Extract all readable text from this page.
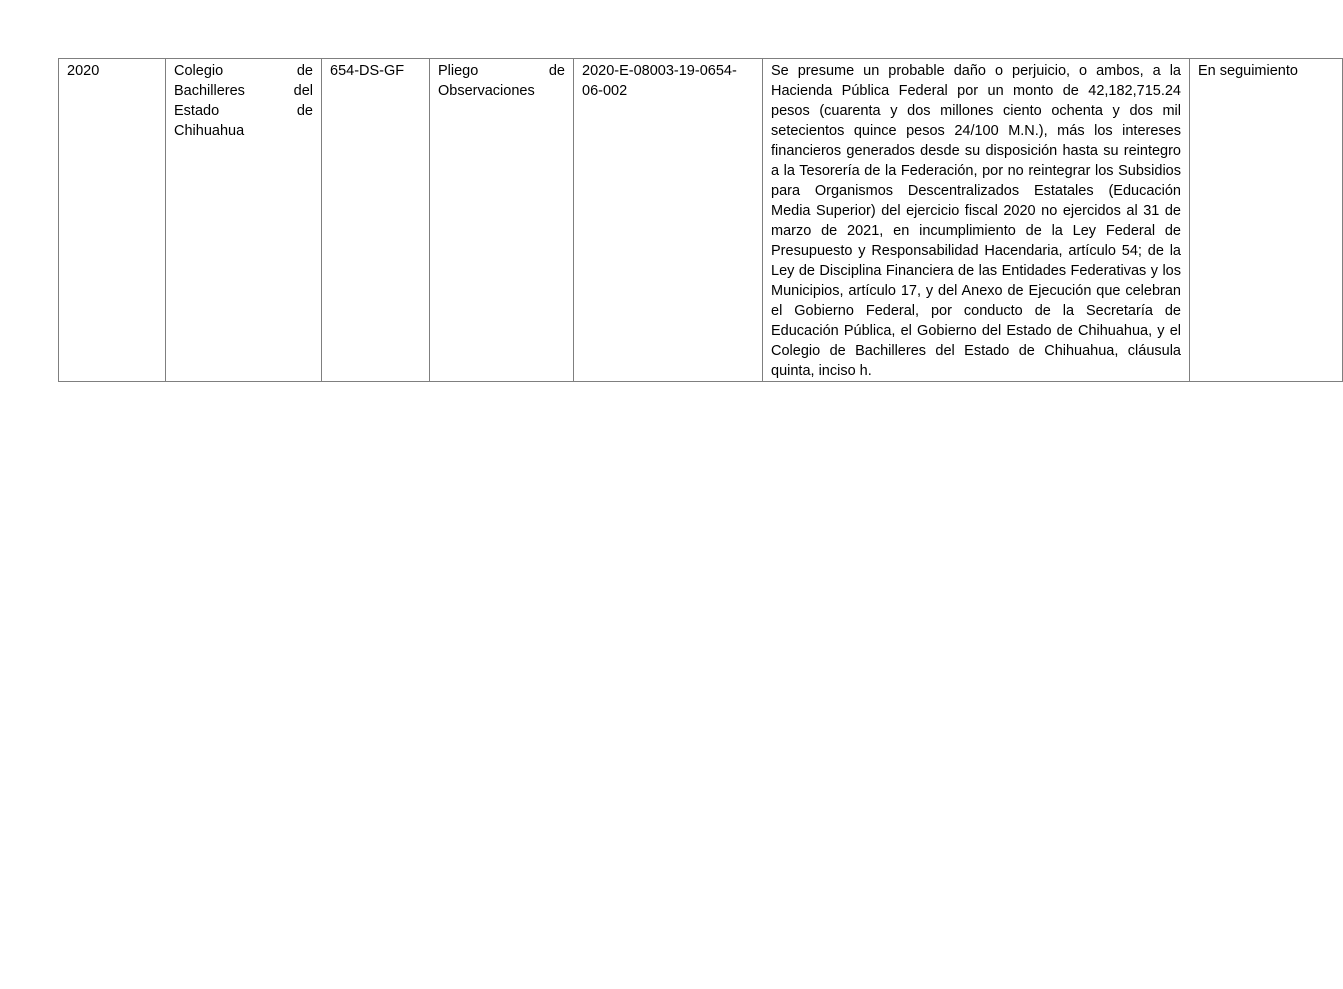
2020	Colegio de Bachilleres del Estado de Chihuahua	654-DS-GF	Pliego de Observaciones	2020-E-08003-19-0654-06-002	Se presume un probable daño o perjuicio, o ambos, a la Hacienda Pública Federal por un monto de 42,182,715.24 pesos (cuarenta y dos millones ciento ochenta y dos mil setecientos quince pesos 24/100 M.N.), más los intereses financieros generados desde su disposición hasta su reintegro a la Tesorería de la Federación, por no reintegrar los Subsidios para Organismos Descentralizados Estatales (Educación Media Superior) del ejercicio fiscal 2020 no ejercidos al 31 de marzo de 2021, en incumplimiento de la Ley Federal de Presupuesto y Responsabilidad Hacendaria, artículo 54; de la Ley de Disciplina Financiera de las Entidades Federativas y los Municipios, artículo 17, y del Anexo de Ejecución que celebran el Gobierno Federal, por conducto de la Secretaría de Educación Pública, el Gobierno del Estado de Chihuahua, y el Colegio de Bachilleres del Estado de Chihuahua, cláusula quinta, inciso h.	En seguimiento
